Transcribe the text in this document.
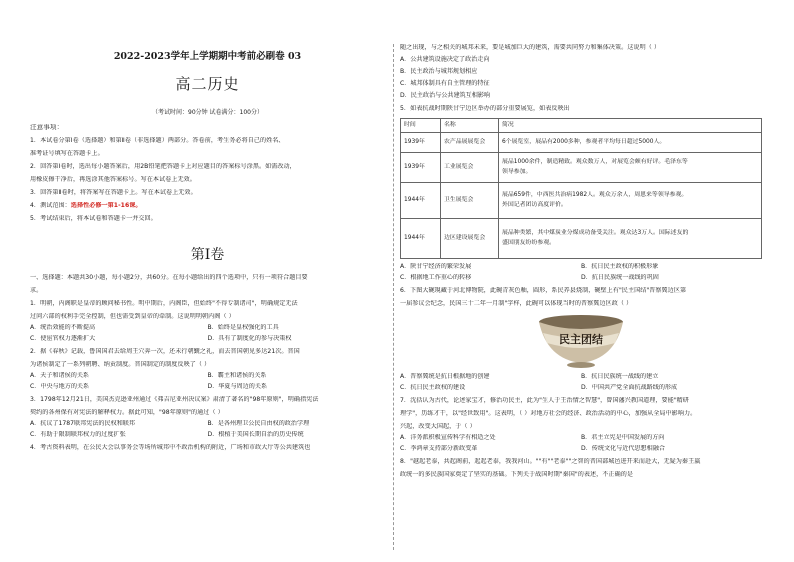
2022-2023学年上学期期中考前必刷卷 03
高二历史
（考试时间：90分钟 试卷满分：100分）
注意事项：
1．本试卷分第Ⅰ卷（选择题）和第Ⅱ卷（非选择题）两部分。答卷前，考生务必将自己的姓名、
准考证号填写在答题卡上。
2．回答第Ⅰ卷时，选出每小题答案后，用2B铅笔把答题卡上对应题目的答案标号涂黑。如需改动，
用橡皮擦干净后，再选涂其他答案标号。写在本试卷上无效。
3．回答第Ⅱ卷时，将答案写在答题卡上。写在本试卷上无效。
4．测试范围：选择性必修一第1-16课。
5．考试结束后，将本试卷和答题卡一并交回。
第Ⅰ卷
一、选择题：本题共30小题，每小题2分，共60分。在每小题给出的四个选项中，只有一项符合题目要
求。
1．明朝，内阁职是皇帝的顾问秘书性。明中期后，内阁臣，但始终"不得专制诸司"，明确规定无法
过问六部的权利手完全控制，但也需受到皇帝的牵制。这说明明朝内阁（ ）
A．统治效能的不断提高	B．始终是皇权强化的工具
C．使宦官权力逐渐扩大	D．具有了制度化的参与决策权
2．据《春秋》记载，鲁国国君去给周王穴奔一次，还未行朝觐之礼，而去晋国朝见多达21次。晋国
为诸侯制定了一系列朝聘、纳贡制度。晋国制定的制度反映了（ ）
A．天子和诸侯的关系	B．霸主和诸侯的关系
C．中央与地方的关系	D．华夏与周边的关系
3．1798年12月21日，美国杰克逊亚州通过《弗吉尼亚州决议案》肃清了著名的"98年原则"，明确指宪法
契约的各州保有对宪法的解释权力。据此可知，"98年原则"的通过（ ）
A．抗议了1787联邦宪法的民权和联邦	B．是各州理卫公民自由权的政治学理
C．有助于限制联邦权力的过度扩张	D．根植于美国长期自治的历史传统
4．考古资料表明，在公民大会以事务会等场所城邦中不政治机构的附近，广场和市政大厅等公共建筑也
随之出现，与之相关的城邦未来，要是城加巨大的建筑，需要共同努力和集体决策。这说明（ ）
A．公共建筑设施决定了政治走向
B．民主政治与城邦规划相应
C．城邦体制具有自主管理的特征
D．民主政治与公共建筑互相影响
5．如表抗战时期陕甘宁边区举办的部分重要展览，如表反映出
时间	名称	简况
1939年	农产品展展览会	6个展览室，展品有2000多种，参观者平均每日超过5000人。

1939年	工业展览会	展品1000余件，制造精致。观众数万人，对展览会颇有好评。毛泽东等
领导参加。

1944年	卫生展览会	展品659件，中西医共治病1982人。观众万余人，周恩来等领导参观。
外国记者团访高度评价。

1944年	边区建设展览会	展品种类繁，其中煤炭业分煤成功备受关注。观众达3万人。国际述友的
盛国朋友纷纷参观。
A．陕甘宁经济的繁荣发展	B．抗日民主政权的积极形象
C．根据地工作重心的转移	D．抗日民族统一战线的巩固
6．下图大碗現藏于河北博物院，此碗青灰色釉，圆形，系民养县烧制，碗壁上有"民主国结"晋察冀边区第
一届参议会纪念，民国三十二年一月制"字样，此碗可以体现当时的晋察冀边区政（ ）
民主团结
A．晋察冀统是抗日根据地的创建	B．抗日民族统一战线的建立
C．抗日民主政权的建设	D．中国共产党全面抗战路线的形成
7．沈括认为古代，论述家宝才，修治功民主，此为"生人于王治情之智慧"，曾国藩兴教国道理，要能"精研
理学"，历练才干，以"经世致用"。这表明，（ ）对地方社会的经济、政治活动的中心，加强从全局中影响力。
兴起，改变大国起，于（ ）
A．洋务派积极宣传科学有相适之处	B．君主立宪是中国发展的方向
C．李鸿章支持部分新政变革	D．传统文化与近代思想相融合
8．"越起老泰，共起阁前，起起老泰，我我河山。""有""老泰""之智的晋国部城邑进开来而赴大，无疑为秦王嬴
政统一的多民族国家奠定了坚实的基础。下列关于战国时期"秦国"的表述，不正确的是
